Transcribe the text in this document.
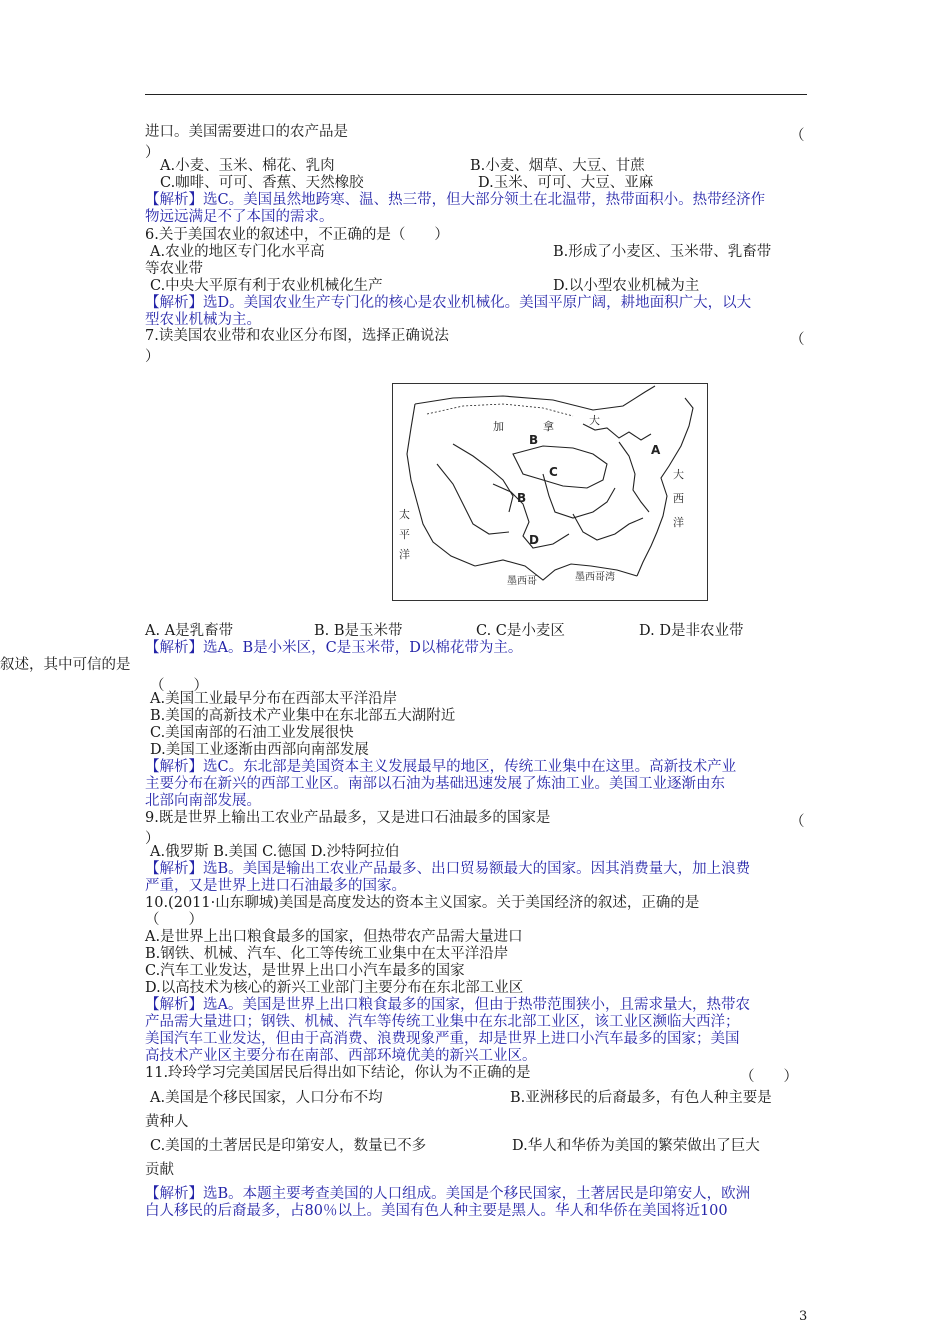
进口。美国需要进口的农产品是	（
）
A.小麦、玉米、棉花、乳肉	B.小麦、烟草、大豆、甘蔗
C.咖啡、可可、香蕉、天然橡胶	D.玉米、可可、大豆、亚麻
【解析】选C。美国虽然地跨寒、温、热三带，但大部分领土在北温带，热带面积小。热带经济作
物远远满足不了本国的需求。
6.关于美国农业的叙述中，不正确的是（　　）
A.农业的地区专门化水平高	B.形成了小麦区、玉米带、乳畜带
等农业带
C.中央大平原有利于农业机械化生产	D.以小型农业机械为主
【解析】选D。美国农业生产专门化的核心是农业机械化。美国平原广阔，耕地面积广大，以大
型农业机械为主。
7.读美国农业带和农业区分布图，选择正确说法	（
）
加	拿	大
大
西
洋
太
平
洋
墨西哥	墨西哥湾
A
B
B
C
D
A. A是乳畜带	B. B是玉米带	C. C是小麦区	D. D是非农业带
【解析】选A。B是小米区，C是玉米带，D以棉花带为主。
叙述，其中可信的是
（　　）
A.美国工业最早分布在西部太平洋沿岸
B.美国的高新技术产业集中在东北部五大湖附近
C.美国南部的石油工业发展很快
D.美国工业逐渐由西部向南部发展
【解析】选C。东北部是美国资本主义发展最早的地区，传统工业集中在这里。高新技术产业
主要分布在新兴的西部工业区。南部以石油为基础迅速发展了炼油工业。美国工业逐渐由东
北部向南部发展。
9.既是世界上输出工农业产品最多，又是进口石油最多的国家是	（
）
A.俄罗斯 B.美国 C.德国 D.沙特阿拉伯
【解析】选B。美国是输出工农业产品最多、出口贸易额最大的国家。因其消费量大，加上浪费
严重，又是世界上进口石油最多的国家。
10.(2011·山东聊城)美国是高度发达的资本主义国家。关于美国经济的叙述，正确的是
（　　）
A.是世界上出口粮食最多的国家，但热带农产品需大量进口
B.钢铁、机械、汽车、化工等传统工业集中在太平洋沿岸
C.汽车工业发达，是世界上出口小汽车最多的国家
D.以高技术为核心的新兴工业部门主要分布在东北部工业区
【解析】选A。美国是世界上出口粮食最多的国家，但由于热带范围狭小，且需求量大，热带农
产品需大量进口；钢铁、机械、汽车等传统工业集中在东北部工业区，该工业区濒临大西洋；
美国汽车工业发达，但由于高消费、浪费现象严重，却是世界上进口小汽车最多的国家；美国
高技术产业区主要分布在南部、西部环境优美的新兴工业区。
11.玲玲学习完美国居民后得出如下结论，你认为不正确的是	（　　）
A.美国是个移民国家，人口分布不均	B.亚洲移民的后裔最多，有色人种主要是
黄种人
C.美国的土著居民是印第安人，数量已不多	D.华人和华侨为美国的繁荣做出了巨大
贡献
【解析】选B。本题主要考查美国的人口组成。美国是个移民国家，土著居民是印第安人，欧洲
白人移民的后裔最多，占80％以上。美国有色人种主要是黑人。华人和华侨在美国将近100
3
